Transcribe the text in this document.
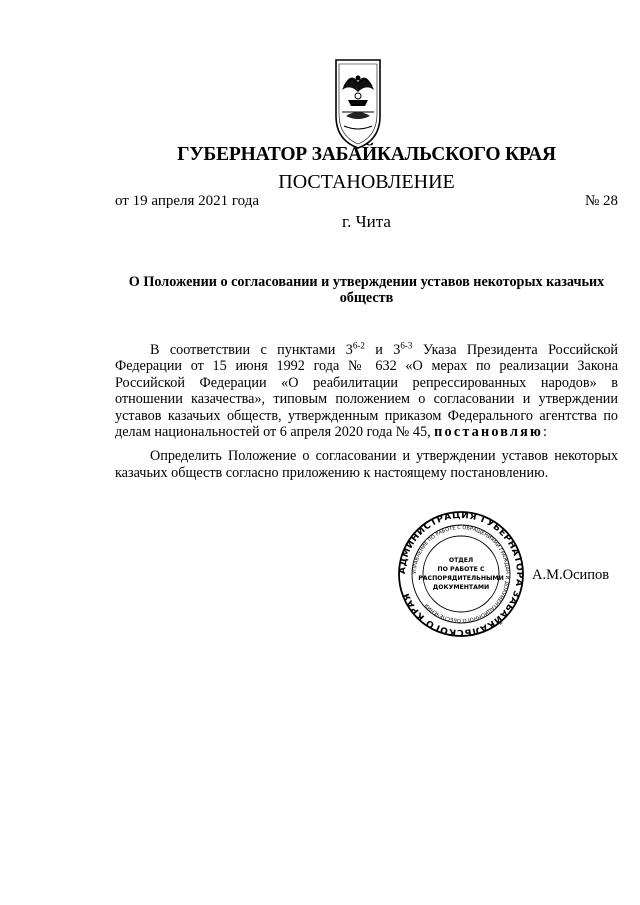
ГУБЕРНАТОР ЗАБАЙКАЛЬСКОГО КРАЯ
ПОСТАНОВЛЕНИЕ
от 19 апреля 2021 года	№ 28
г. Чита
О Положении о согласовании и утверждении уставов некоторых казачьих обществ

В соответствии с пунктами 3$^{6-2}$ и 3$^{6-3}$ Указа Президента Российской Федерации от 15 июня 1992 года № 632 «О мерах по реализации Закона Российской Федерации «О реабилитации репрессированных народов» в отношении казачества», типовым положением о согласовании и утверждении уставов казачьих обществ, утвержденным приказом Федерального агентства по делам национальностей от 6 апреля 2020 года № 45, постановляю:

Определить Положение о согласовании и утверждении уставов некоторых казачьих обществ согласно приложению к настоящему постановлению.

АДМИНИСТРАЦИЯ ГУБЕРНАТОРА ЗАБАЙКАЛЬСКОГО КРАЯ
УПРАВЛЕНИЕ ПО РАБОТЕ С ОБРАЩЕНИЯМИ ГРАЖДАН И ДОКУМЕНТАЦИОННОГО ОБЕСПЕЧЕНИЯ
ОТДЕЛ
ПО РАБОТЕ С
РАСПОРЯДИТЕЛЬНЫМИ
ДОКУМЕНТАМИ
А.М.Осипов
